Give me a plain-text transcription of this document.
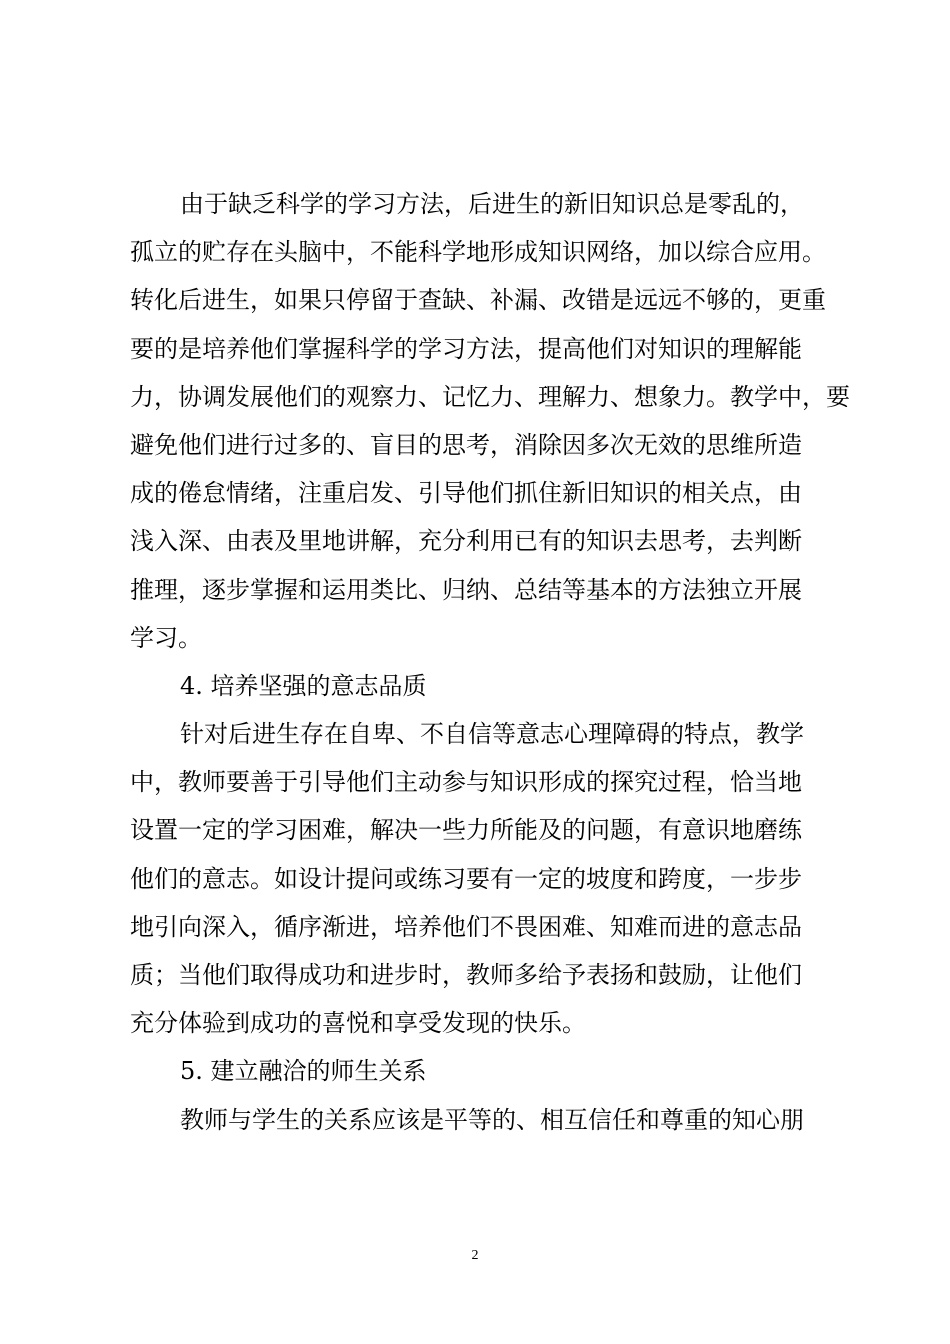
由于缺乏科学的学习方法，后进生的新旧知识总是零乱的，
孤立的贮存在头脑中，不能科学地形成知识网络，加以综合应用。
转化后进生，如果只停留于查缺、补漏、改错是远远不够的，更重
要的是培养他们掌握科学的学习方法，提高他们对知识的理解能
力，协调发展他们的观察力、记忆力、理解力、想象力。教学中，要
避免他们进行过多的、盲目的思考，消除因多次无效的思维所造
成的倦怠情绪，注重启发、引导他们抓住新旧知识的相关点，由
浅入深、由表及里地讲解，充分利用已有的知识去思考，去判断
推理，逐步掌握和运用类比、归纳、总结等基本的方法独立开展
学习。
4. 培养坚强的意志品质
针对后进生存在自卑、不自信等意志心理障碍的特点，教学
中，教师要善于引导他们主动参与知识形成的探究过程，恰当地
设置一定的学习困难，解决一些力所能及的问题，有意识地磨练
他们的意志。如设计提问或练习要有一定的坡度和跨度，一步步
地引向深入，循序渐进，培养他们不畏困难、知难而进的意志品
质；当他们取得成功和进步时，教师多给予表扬和鼓励，让他们
充分体验到成功的喜悦和享受发现的快乐。
5. 建立融洽的师生关系
教师与学生的关系应该是平等的、相互信任和尊重的知心朋
2
